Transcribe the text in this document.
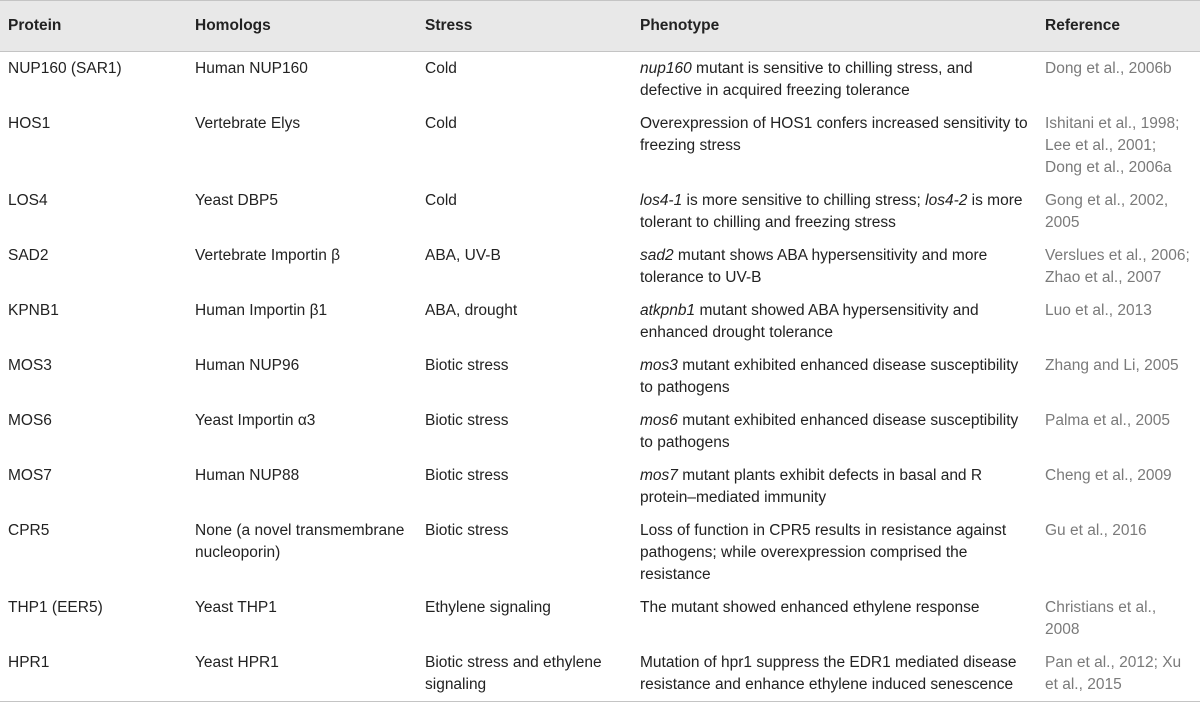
Protein	Homologs	Stress	Phenotype	Reference
NUP160 (SAR1)	Human NUP160	Cold	nup160 mutant is sensitive to chilling stress, and defective in acquired freezing tolerance	Dong et al., 2006b
HOS1	Vertebrate Elys	Cold	Overexpression of HOS1 confers increased sensitivity to freezing stress	Ishitani et al., 1998; Lee et al., 2001; Dong et al., 2006a
LOS4	Yeast DBP5	Cold	los4-1 is more sensitive to chilling stress; los4-2 is more tolerant to chilling and freezing stress	Gong et al., 2002, 2005
SAD2	Vertebrate Importin β	ABA, UV-B	sad2 mutant shows ABA hypersensitivity and more tolerance to UV-B	Verslues et al., 2006; Zhao et al., 2007
KPNB1	Human Importin β1	ABA, drought	atkpnb1 mutant showed ABA hypersensitivity and enhanced drought tolerance	Luo et al., 2013
MOS3	Human NUP96	Biotic stress	mos3 mutant exhibited enhanced disease susceptibility to pathogens	Zhang and Li, 2005
MOS6	Yeast Importin α3	Biotic stress	mos6 mutant exhibited enhanced disease susceptibility to pathogens	Palma et al., 2005
MOS7	Human NUP88	Biotic stress	mos7 mutant plants exhibit defects in basal and R protein–mediated immunity	Cheng et al., 2009
CPR5	None (a novel transmembrane nucleoporin)	Biotic stress	Loss of function in CPR5 results in resistance against pathogens; while overexpression comprised the resistance	Gu et al., 2016
THP1 (EER5)	Yeast THP1	Ethylene signaling	The mutant showed enhanced ethylene response	Christians et al., 2008
HPR1	Yeast HPR1	Biotic stress and ethylene signaling	Mutation of hpr1 suppress the EDR1 mediated disease resistance and enhance ethylene induced senescence	Pan et al., 2012; Xu et al., 2015
